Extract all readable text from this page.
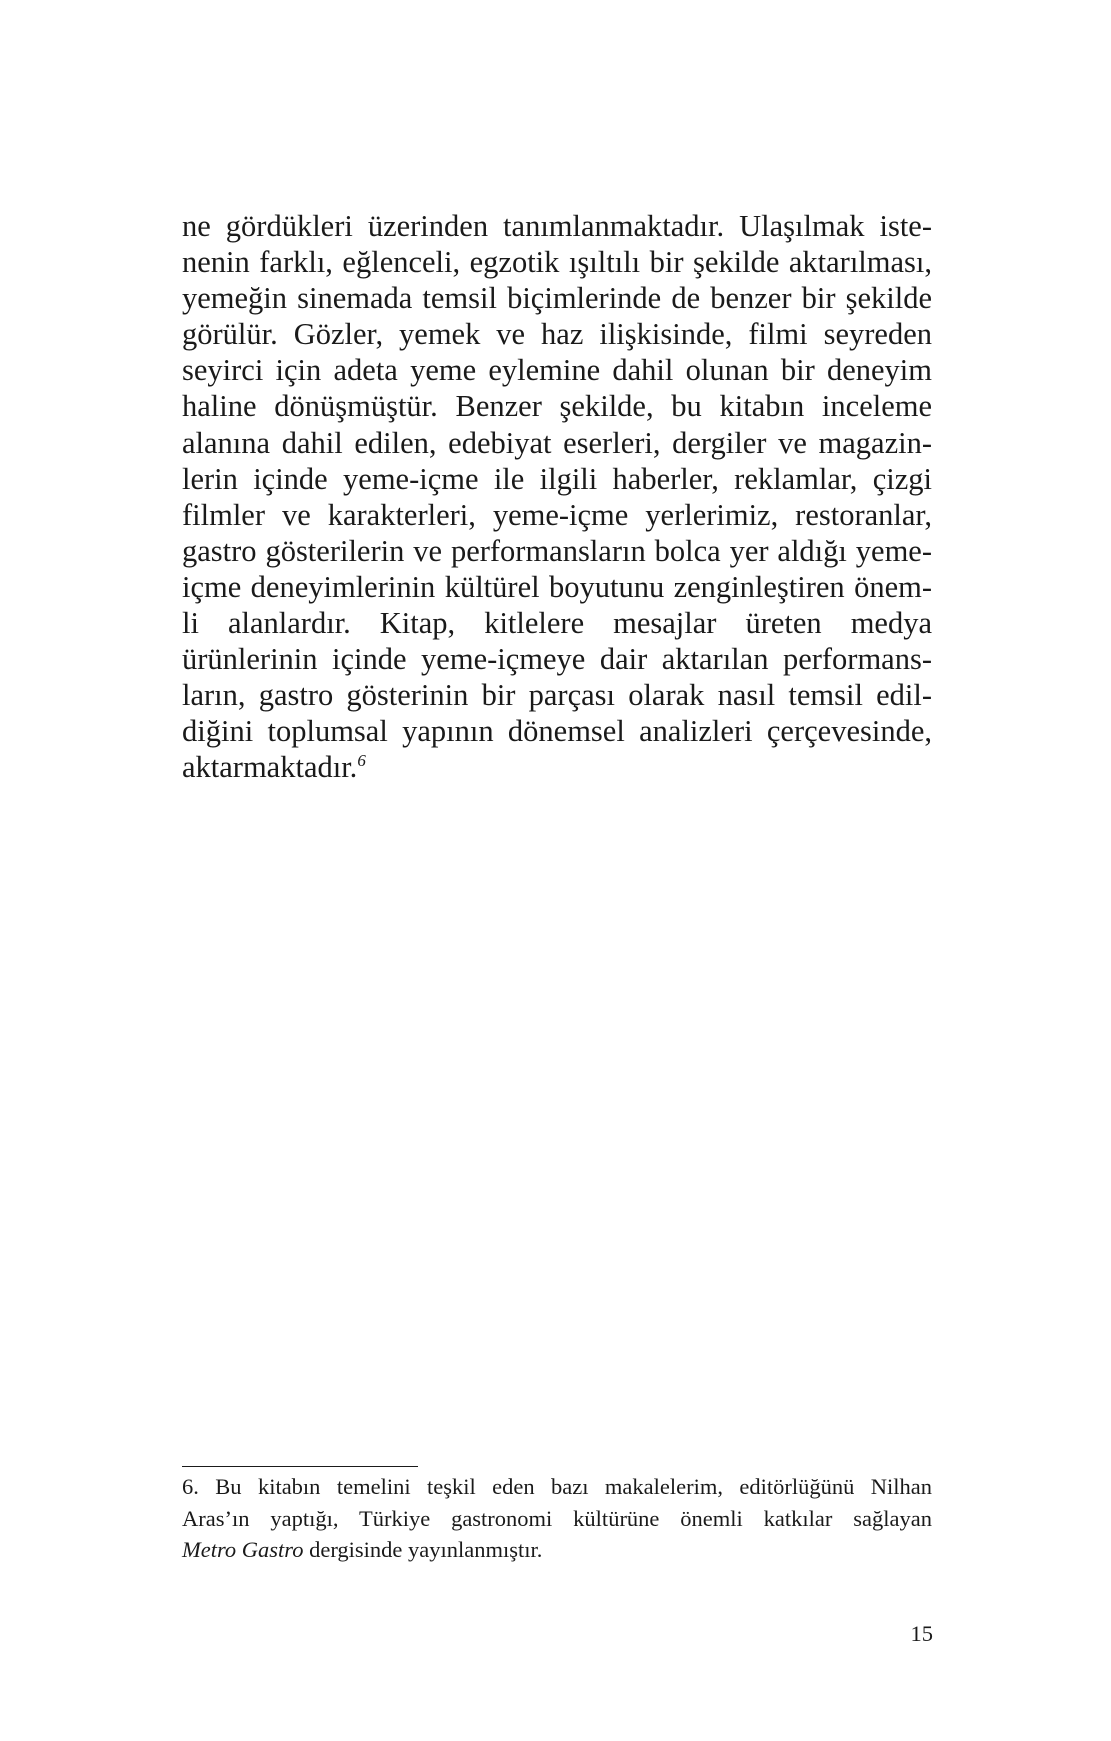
ne gördükleri üzerinden tanımlanmaktadır. Ulaşılmak iste-
nenin farklı, eğlenceli, egzotik ışıltılı bir şekilde aktarılması,
yemeğin sinemada temsil biçimlerinde de benzer bir şekilde
görülür. Gözler, yemek ve haz ilişkisinde, filmi seyreden
seyirci için adeta yeme eylemine dahil olunan bir deneyim
haline dönüşmüştür. Benzer şekilde, bu kitabın inceleme
alanına dahil edilen, edebiyat eserleri, dergiler ve magazin-
lerin içinde yeme-içme ile ilgili haberler, reklamlar, çizgi
filmler ve karakterleri, yeme-içme yerlerimiz, restoranlar,
gastro gösterilerin ve performansların bolca yer aldığı yeme-
içme deneyimlerinin kültürel boyutunu zenginleştiren önem-
li alanlardır. Kitap, kitlelere mesajlar üreten medya
ürünlerinin içinde yeme-içmeye dair aktarılan performans-
ların, gastro gösterinin bir parçası olarak nasıl temsil edil-
diğini toplumsal yapının dönemsel analizleri çerçevesinde,
aktarmaktadır.$^6$

6. Bu kitabın temelini teşkil eden bazı makalelerim, editörlüğünü Nilhan
Aras’ın yaptığı, Türkiye gastronomi kültürüne önemli katkılar sağlayan
Metro Gastro dergisinde yayınlanmıştır.

15
